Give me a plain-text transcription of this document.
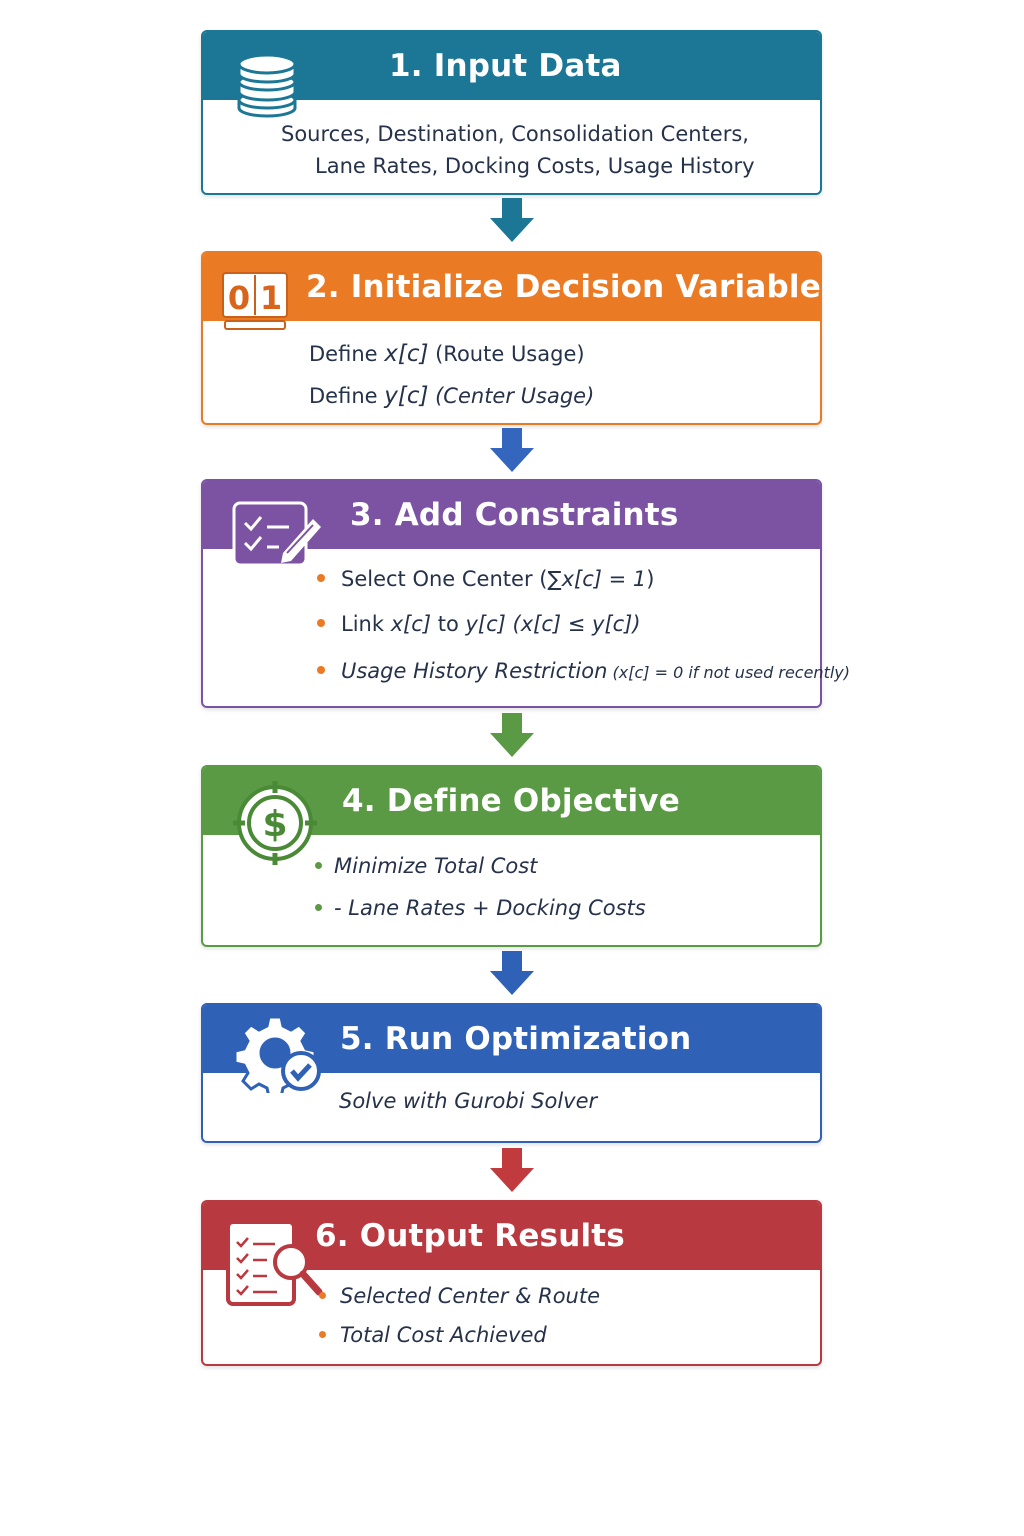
1. Input Data
Sources, Destination, Consolidation Centers,
Lane Rates, Docking Costs, Usage History
0 1 2. Initialize Decision Variables
Define x[c] (Route Usage)
Define y[c] (Center Usage)
3. Add Constraints
Select One Center (∑x[c] = 1)
Link x[c] to y[c] (x[c] ≤ y[c])
Usage History Restriction (x[c] = 0 if not used recently)
$
4. Define Objective
Minimize Total Cost
- Lane Rates + Docking Costs
5. Run Optimization
Solve with Gurobi Solver
6. Output Results
Selected Center & Route
Total Cost Achieved
